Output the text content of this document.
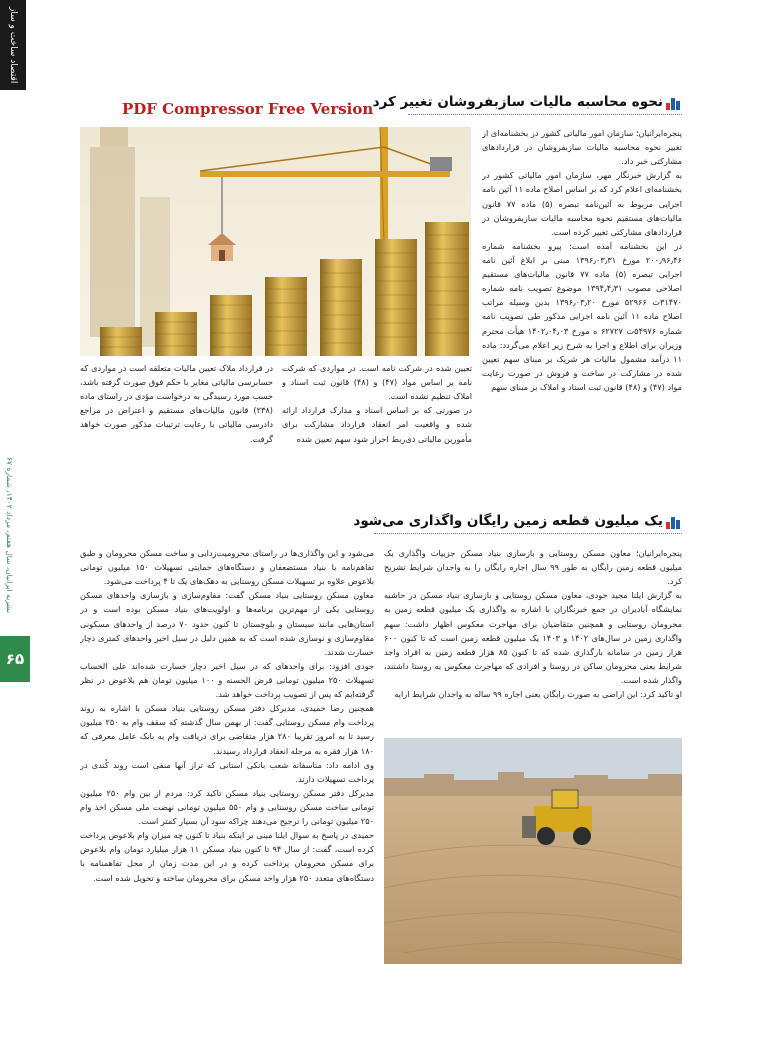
اقتصاد ساخت و ساز
نشریه ایرانیان، سال هفتم، مرداد ۱۴۰۲، شماره ۶۷
۶۵
PDF Compressor Free Version نحوه محاسبه مالیات سازبفروشان تغییر کرد

پنجره‌ایرانیان؛ سازمان امور مالیاتی کشور در بخشنامه‌ای از تغییر نحوه محاسبه مالیات سازبفروشان در قراردادهای مشارکتی خبر داد.

به گزارش خبرنگار مهر، سازمان امور مالیاتی کشور در بخشنامه‌ای اعلام کرد که بر اساس اصلاح ماده ۱۱ آئین نامه اجرایی مربوط به آئین‌نامه تبصره (۵) ماده ۷۷ قانون مالیات‌های مستقیم نحوه محاسبه مالیات سازبفروشان در قراردادهای مشارکتی تغییر کرده است.

در این بخشنامه آمده است: پیرو بخشنامه شماره ۲۰۰٫۹۶٫۴۶ مورخ ۱۳۹۶٫۰۳٫۳۱ مبنی بر ابلاغ آئین نامه اجرایی تبصره (۵) ماده ۷۷ قانون مالیات‌های مستقیم اصلاحی مصوب ۱۳۹۴٫۴٫۳۱ موضوع تصویب نامه شماره ۳۱۴۷۰ت ۵۲۹۶۶ مورخ ۱۳۹۶٫۰۳٫۲۰ بدین وسیله مراتب اصلاح ماده ۱۱ آئین نامه اجرایی مذکور طی تصویب نامه شماره ۵۴۹۷۶ت ۶۲۷۲۷ ه مورخ ۱۴۰۲٫۰۴٫۰۳ هیأت محترم وزیران برای اطلاع و اجرا به شرح زیر اعلام می‌گردد: ماده ۱۱ درآمد مشمول مالیات هر شریک بر مبنای سهم تعیین شده در مشارکت در ساخت و فروش در صورت رعایت مواد (۴۷) و (۴۸) قانون ثبت اسناد و املاک بر مبنای سهم

تعیین شده در شرکت نامه است. در مواردی که شرکت نامه بر اساس مواد (۴۷) و (۴۸) قانون ثبت اسناد و املاک تنظیم نشده است.

در صورتی که بر اساس اسناد و مدارک قرارداد ارائه شده و واقعیت امر انعقاد قرارداد مشارکت برای مأمورین مالیاتی ذی‌ربط احراز شود سهم تعیین شده

در قرارداد ملاک تعیین مالیات متعلقه است در مواردی که حسابرسی مالیاتی مغایر با حکم فوق صورت گرفته باشد، حسب مورد رسیدگی به درخواست مؤدی در راستای ماده (۲۳۸) قانون مالیات‌های مستقیم و اعتراض در مراجع دادرسی مالیاتی با رعایت ترتیبات مذکور صورت خواهد گرفت.

یک میلیون قطعه زمین رایگان واگذاری می‌شود

پنجره‌ایرانیان؛ معاون مسکن روستایی و بازسازی بنیاد مسکن جزییات واگذاری یک میلیون قطعه زمین رایگان به طور ۹۹ سال اجاره رایگان را به واجدان شرایط تشریح کرد.

به گزارش ایلنا مجید جودی، معاون مسکن روستایی و بازسازی بنیاد مسکن در حاشیه نمایشگاه آبادیران در جمع خبرنگاران با اشاره به واگذاری یک میلیون قطعه زمین به محرومان روستایی و همچنین متقاضیان برای مهاجرت معکوس اظهار داشت: سهم واگذاری زمین در سال‌های ۱۴۰۲ و ۱۴۰۳ یک میلیون قطعه زمین است که تا کنون ۶۰۰ هزار زمین در سامانه بارگذاری شده که تا کنون ۸۵ هزار قطعه زمین به افراد واجد شرایط یعنی محرومان ساکن در روستا و افرادی که مهاجرت معکوس به روستا داشتند، واگذار شده است.

او تاکید کرد: این اراضی به صورت رایگان یعنی اجاره ۹۹ ساله به واجدان شرایط ارایه

می‌شود و این واگذاری‌ها در راستای محرومیت‌زدایی و ساخت مسکن محرومان و طبق تفاهم‌نامه با بنیاد مستضعفان و دستگاه‌های حمایتی تسهیلات ۱۵۰ میلیون تومانی بلاعوض علاوه بر تسهیلات مسکن روستایی به دهک‌های یک تا ۴ پرداخت می‌شود.

معاون مسکن روستایی بنیاد مسکن گفت: مقاوم‌سازی و بازسازی واحدهای مسکن روستایی یکی از مهم‌ترین برنامه‌ها و اولویت‌های بنیاد مسکن بوده است و در استان‌هایی مانند سیستان و بلوچستان تا کنون حدود ۷۰ درصد از واحدهای مسکونی مقاوم‌سازی و نوسازی شده است که به همین دلیل در سیل اخیر واحدهای کمتری دچار خسارت شدند.

جودی افزود: برای واحدهای که در سیل اخیر دچار خسارت شده‌اند علی الحساب تسهیلات ۲۵۰ میلیون تومانی قرض الحسنه و ۱۰۰ میلیون تومان هم بلاعوض در نظر گرفته‌ایم که پس از تصویب پرداخت خواهد شد.

همچنین رضا حمیدی، مدیرکل دفتر مسکن روستایی بنیاد مسکن با اشاره به روند پرداخت وام مسکن روستایی گفت: از بهمن سال گذشته که سقف وام به ۲۵۰ میلیون رسید تا به امروز تقریبا ۲۸۰ هزار متقاضی برای دریافت وام به بانک عامل معرفی که ۱۸۰ هزار فقره به مرحله انعقاد قرارداد رسیدند.

وی ادامه داد: متاسفانه شعب بانکی استانی که تراز آنها منفی است روند کُندی در پرداخت تسهیلات دارند.

مدیرکل دفتر مسکن روستایی بنیاد مسکن تاکید کرد: مردم از بین وام ۲۵۰ میلیون تومانی ساخت مسکن روستایی و وام ۵۵۰ میلیون تومانی نهضت ملی مسکن اخذ وام ۲۵۰ میلیون تومانی را ترجیح می‌دهند چراکه سود آن بسیار کمتر است.

حمیدی در پاسخ به سوال ایلنا مبنی بر اینکه بنیاد تا کنون چه میزان وام بلاعوض پرداخت کرده است، گفت: از سال ۹۴ تا کنون بنیاد مسکن ۱۱ هزار میلیارد تومان وام بلاعوض برای مسکن محرومان پرداخت کرده و در این مدت زمان از محل تفاهمنامه با دستگاه‌های متعدد ۲۵۰ هزار واحد مسکن برای محرومان ساخته و تحویل شده است.
